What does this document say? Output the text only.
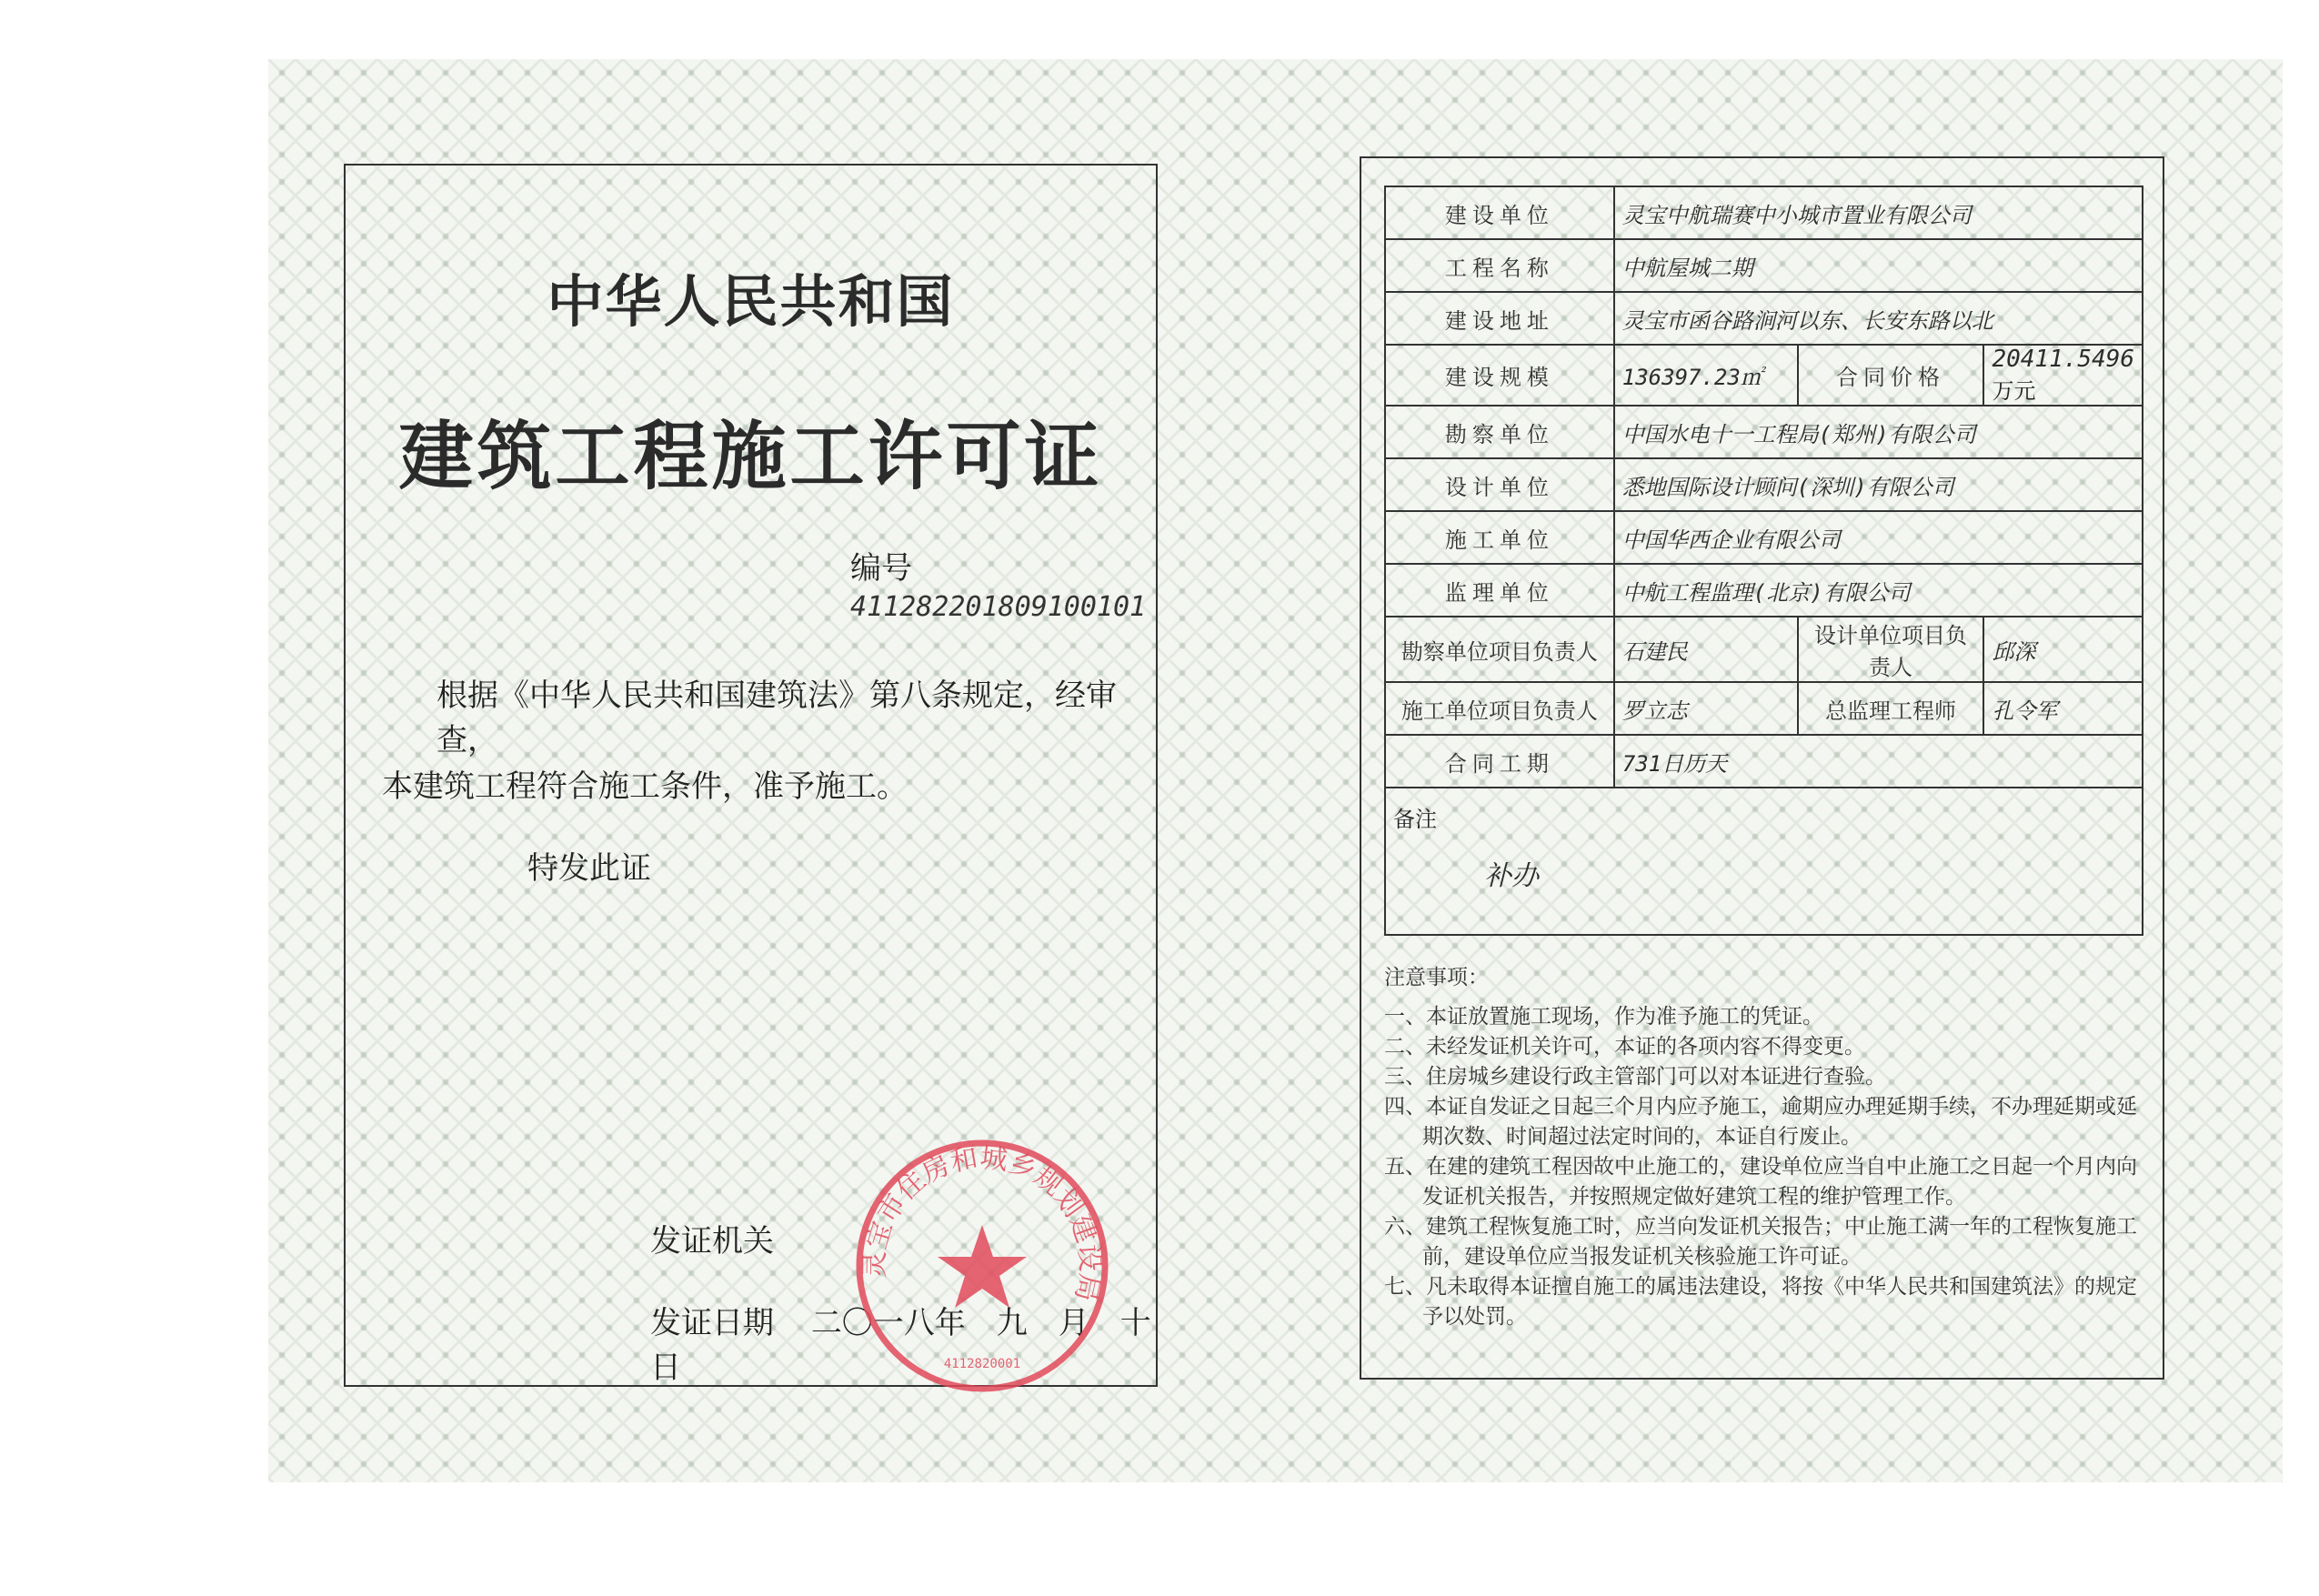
中华人民共和国
建筑工程施工许可证
编号 411282201809100101
根据《中华人民共和国建筑法》第八条规定，经审查，
本建筑工程符合施工条件，准予施工。
特发此证
发证机关
发证日期 二〇一八年　九　月　十　日
灵宝市住房和城乡规划建设局
4112820001
建设单位	灵宝中航瑞赛中小城市置业有限公司		
工程名称	中航屋城二期		
建设地址	灵宝市函谷路涧河以东、长安东路以北		
建设规模	136397.23㎡	合同价格	20411.5496万元
勘察单位	中国水电十一工程局(郑州)有限公司		
设计单位	悉地国际设计顾问(深圳)有限公司		
施工单位	中国华西企业有限公司		
监理单位	中航工程监理(北京)有限公司		
勘察单位项目负责人	石建民	设计单位项目负责人	邱深
施工单位项目负责人	罗立志	总监理工程师	孔令军
合同工期	731日历天		

备注
补办			
注意事项：
一、本证放置施工现场，作为准予施工的凭证。
二、未经发证机关许可，本证的各项内容不得变更。
三、住房城乡建设行政主管部门可以对本证进行查验。
四、本证自发证之日起三个月内应予施工，逾期应办理延期手续，不办理延期或延期次数、时间超过法定时间的，本证自行废止。
五、在建的建筑工程因故中止施工的，建设单位应当自中止施工之日起一个月内向发证机关报告，并按照规定做好建筑工程的维护管理工作。
六、建筑工程恢复施工时，应当向发证机关报告；中止施工满一年的工程恢复施工前，建设单位应当报发证机关核验施工许可证。
七、凡未取得本证擅自施工的属违法建设，将按《中华人民共和国建筑法》的规定予以处罚。
